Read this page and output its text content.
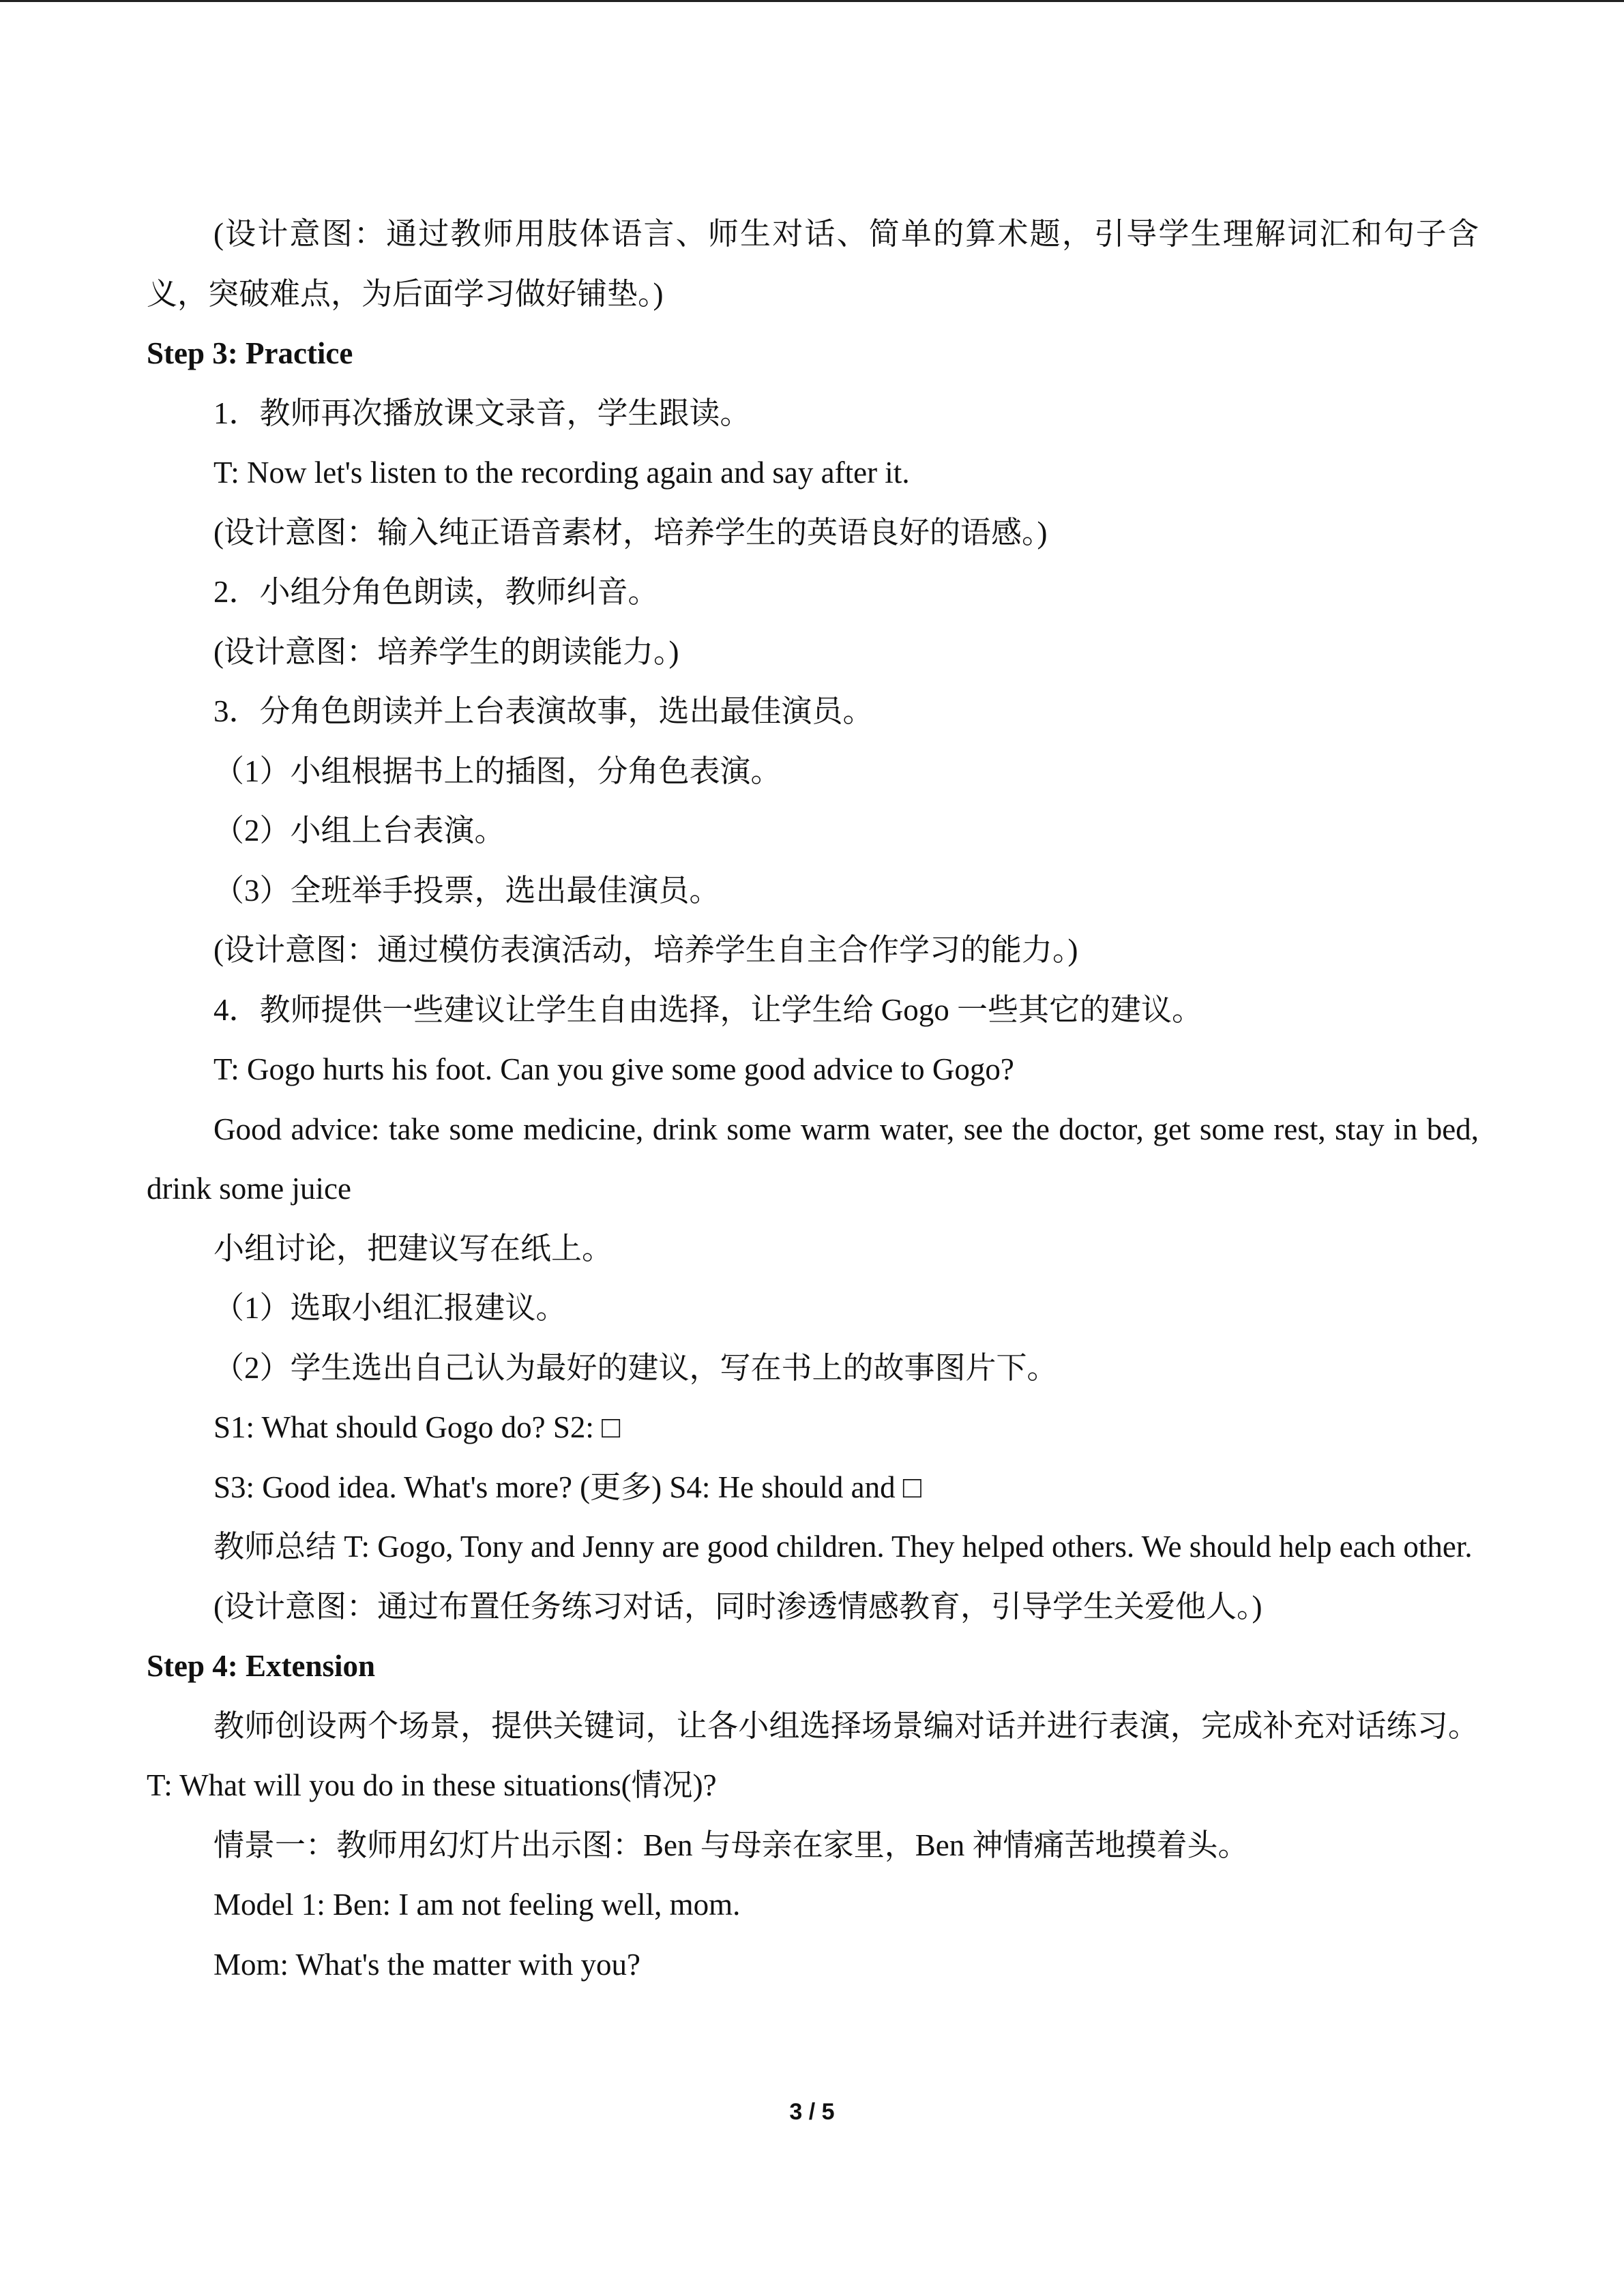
(设计意图：通过教师用肢体语言、师生对话、简单的算术题，引导学生理解词汇和句子含义，突破难点，为后面学习做好铺垫。)

Step 3: Practice

1．教师再次播放课文录音，学生跟读。

T: Now let's listen to the recording again and say after it.

(设计意图：输入纯正语音素材，培养学生的英语良好的语感。)

2．小组分角色朗读，教师纠音。

(设计意图：培养学生的朗读能力。)

3．分角色朗读并上台表演故事，选出最佳演员。

（1）小组根据书上的插图，分角色表演。

（2）小组上台表演。

（3）全班举手投票，选出最佳演员。

(设计意图：通过模仿表演活动，培养学生自主合作学习的能力。)

4．教师提供一些建议让学生自由选择，让学生给 Gogo 一些其它的建议。

T: Gogo hurts his foot. Can you give some good advice to Gogo?

Good advice: take some medicine, drink some warm water, see the doctor, get some rest, stay in bed, drink some juice

小组讨论，把建议写在纸上。

（1）选取小组汇报建议。

（2）学生选出自己认为最好的建议，写在书上的故事图片下。

S1: What should Gogo do? S2: □

S3: Good idea. What's more? (更多) S4: He should and □

教师总结 T: Gogo, Tony and Jenny are good children. They helped others. We should help each other.

(设计意图：通过布置任务练习对话，同时渗透情感教育，引导学生关爱他人。)

Step 4: Extension

教师创设两个场景，提供关键词，让各小组选择场景编对话并进行表演，完成补充对话练习。T: What will you do in these situations(情况)?

情景一：教师用幻灯片出示图：Ben 与母亲在家里，Ben 神情痛苦地摸着头。

Model 1: Ben: I am not feeling well, mom.

Mom: What's the matter with you?

3 / 5
